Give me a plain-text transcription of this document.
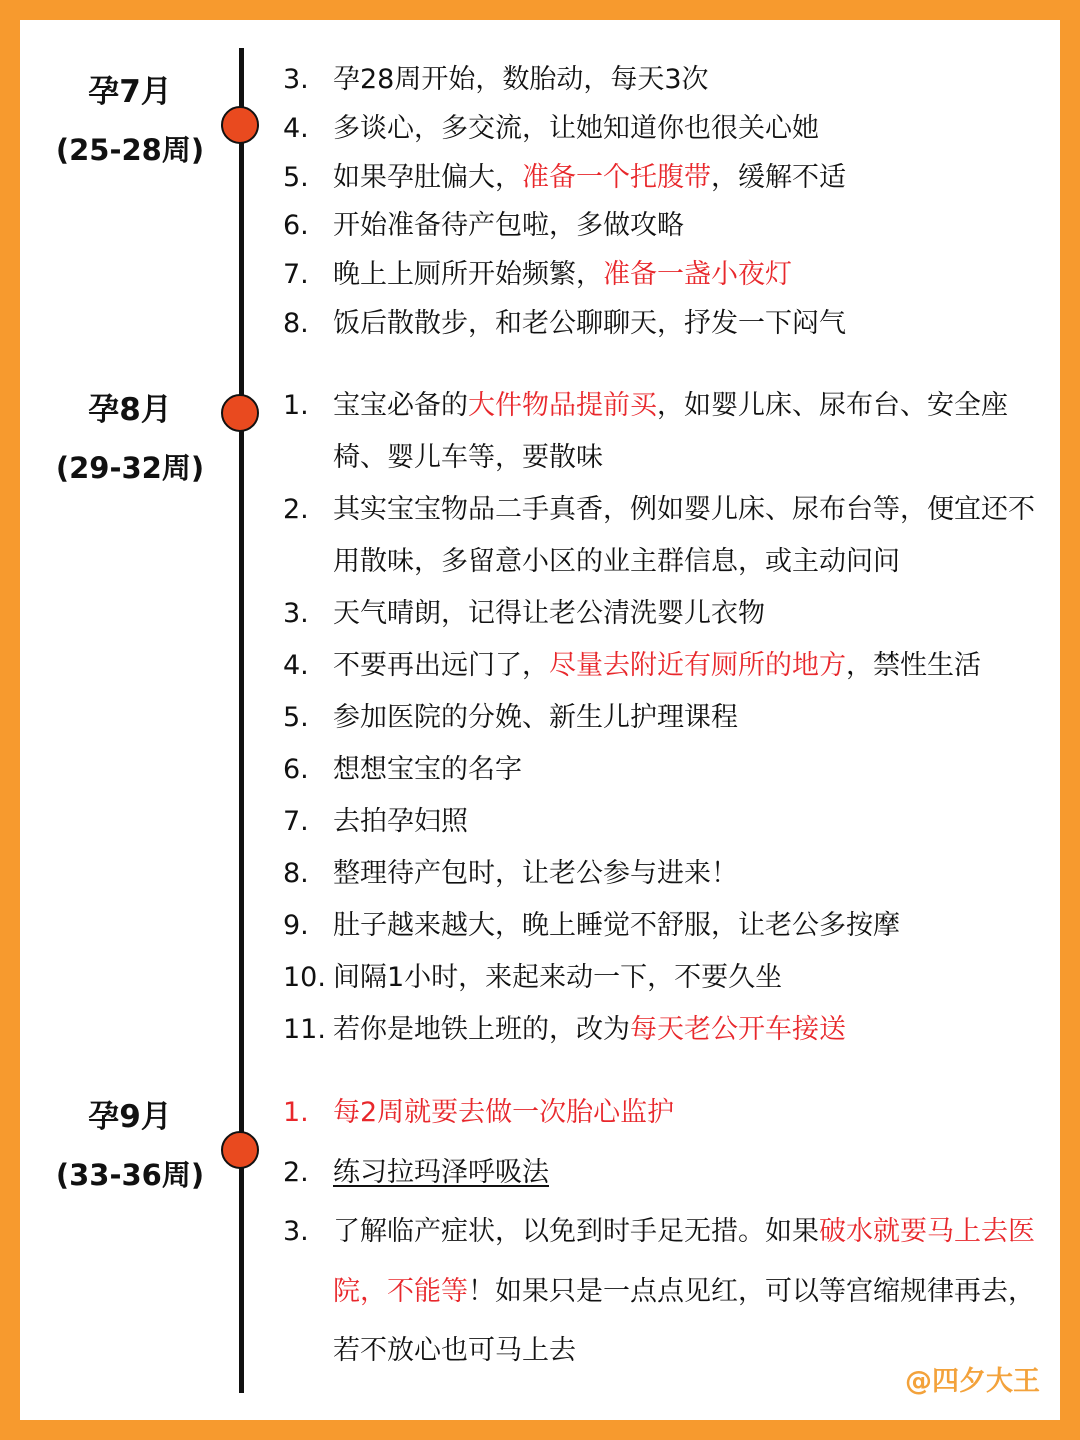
孕7月
(25-28周)
孕8月
(29-32周)
孕9月
(33-36周)
3. 孕28周开始，数胎动，每天3次
4. 多谈心，多交流，让她知道你也很关心她
5. 如果孕肚偏大，准备一个托腹带，缓解不适
6. 开始准备待产包啦，多做攻略
7. 晚上上厕所开始频繁，准备一盏小夜灯
8. 饭后散散步，和老公聊聊天，抒发一下闷气
1. 宝宝必备的大件物品提前买，如婴儿床、尿布台、安全座椅、婴儿车等，要散味
2. 其实宝宝物品二手真香，例如婴儿床、尿布台等，便宜还不用散味，多留意小区的业主群信息，或主动问问
3. 天气晴朗，记得让老公清洗婴儿衣物
4. 不要再出远门了，尽量去附近有厕所的地方，禁性生活
5. 参加医院的分娩、新生儿护理课程
6. 想想宝宝的名字
7. 去拍孕妇照
8. 整理待产包时，让老公参与进来！
9. 肚子越来越大，晚上睡觉不舒服，让老公多按摩
10. 间隔1小时，来起来动一下，不要久坐
11. 若你是地铁上班的，改为每天老公开车接送
1. 每2周就要去做一次胎心监护
2. 练习拉玛泽呼吸法
3. 了解临产症状，以免到时手足无措。如果破水就要马上去医院，不能等！如果只是一点点见红，可以等宫缩规律再去，若不放心也可马上去
@四夕大王
